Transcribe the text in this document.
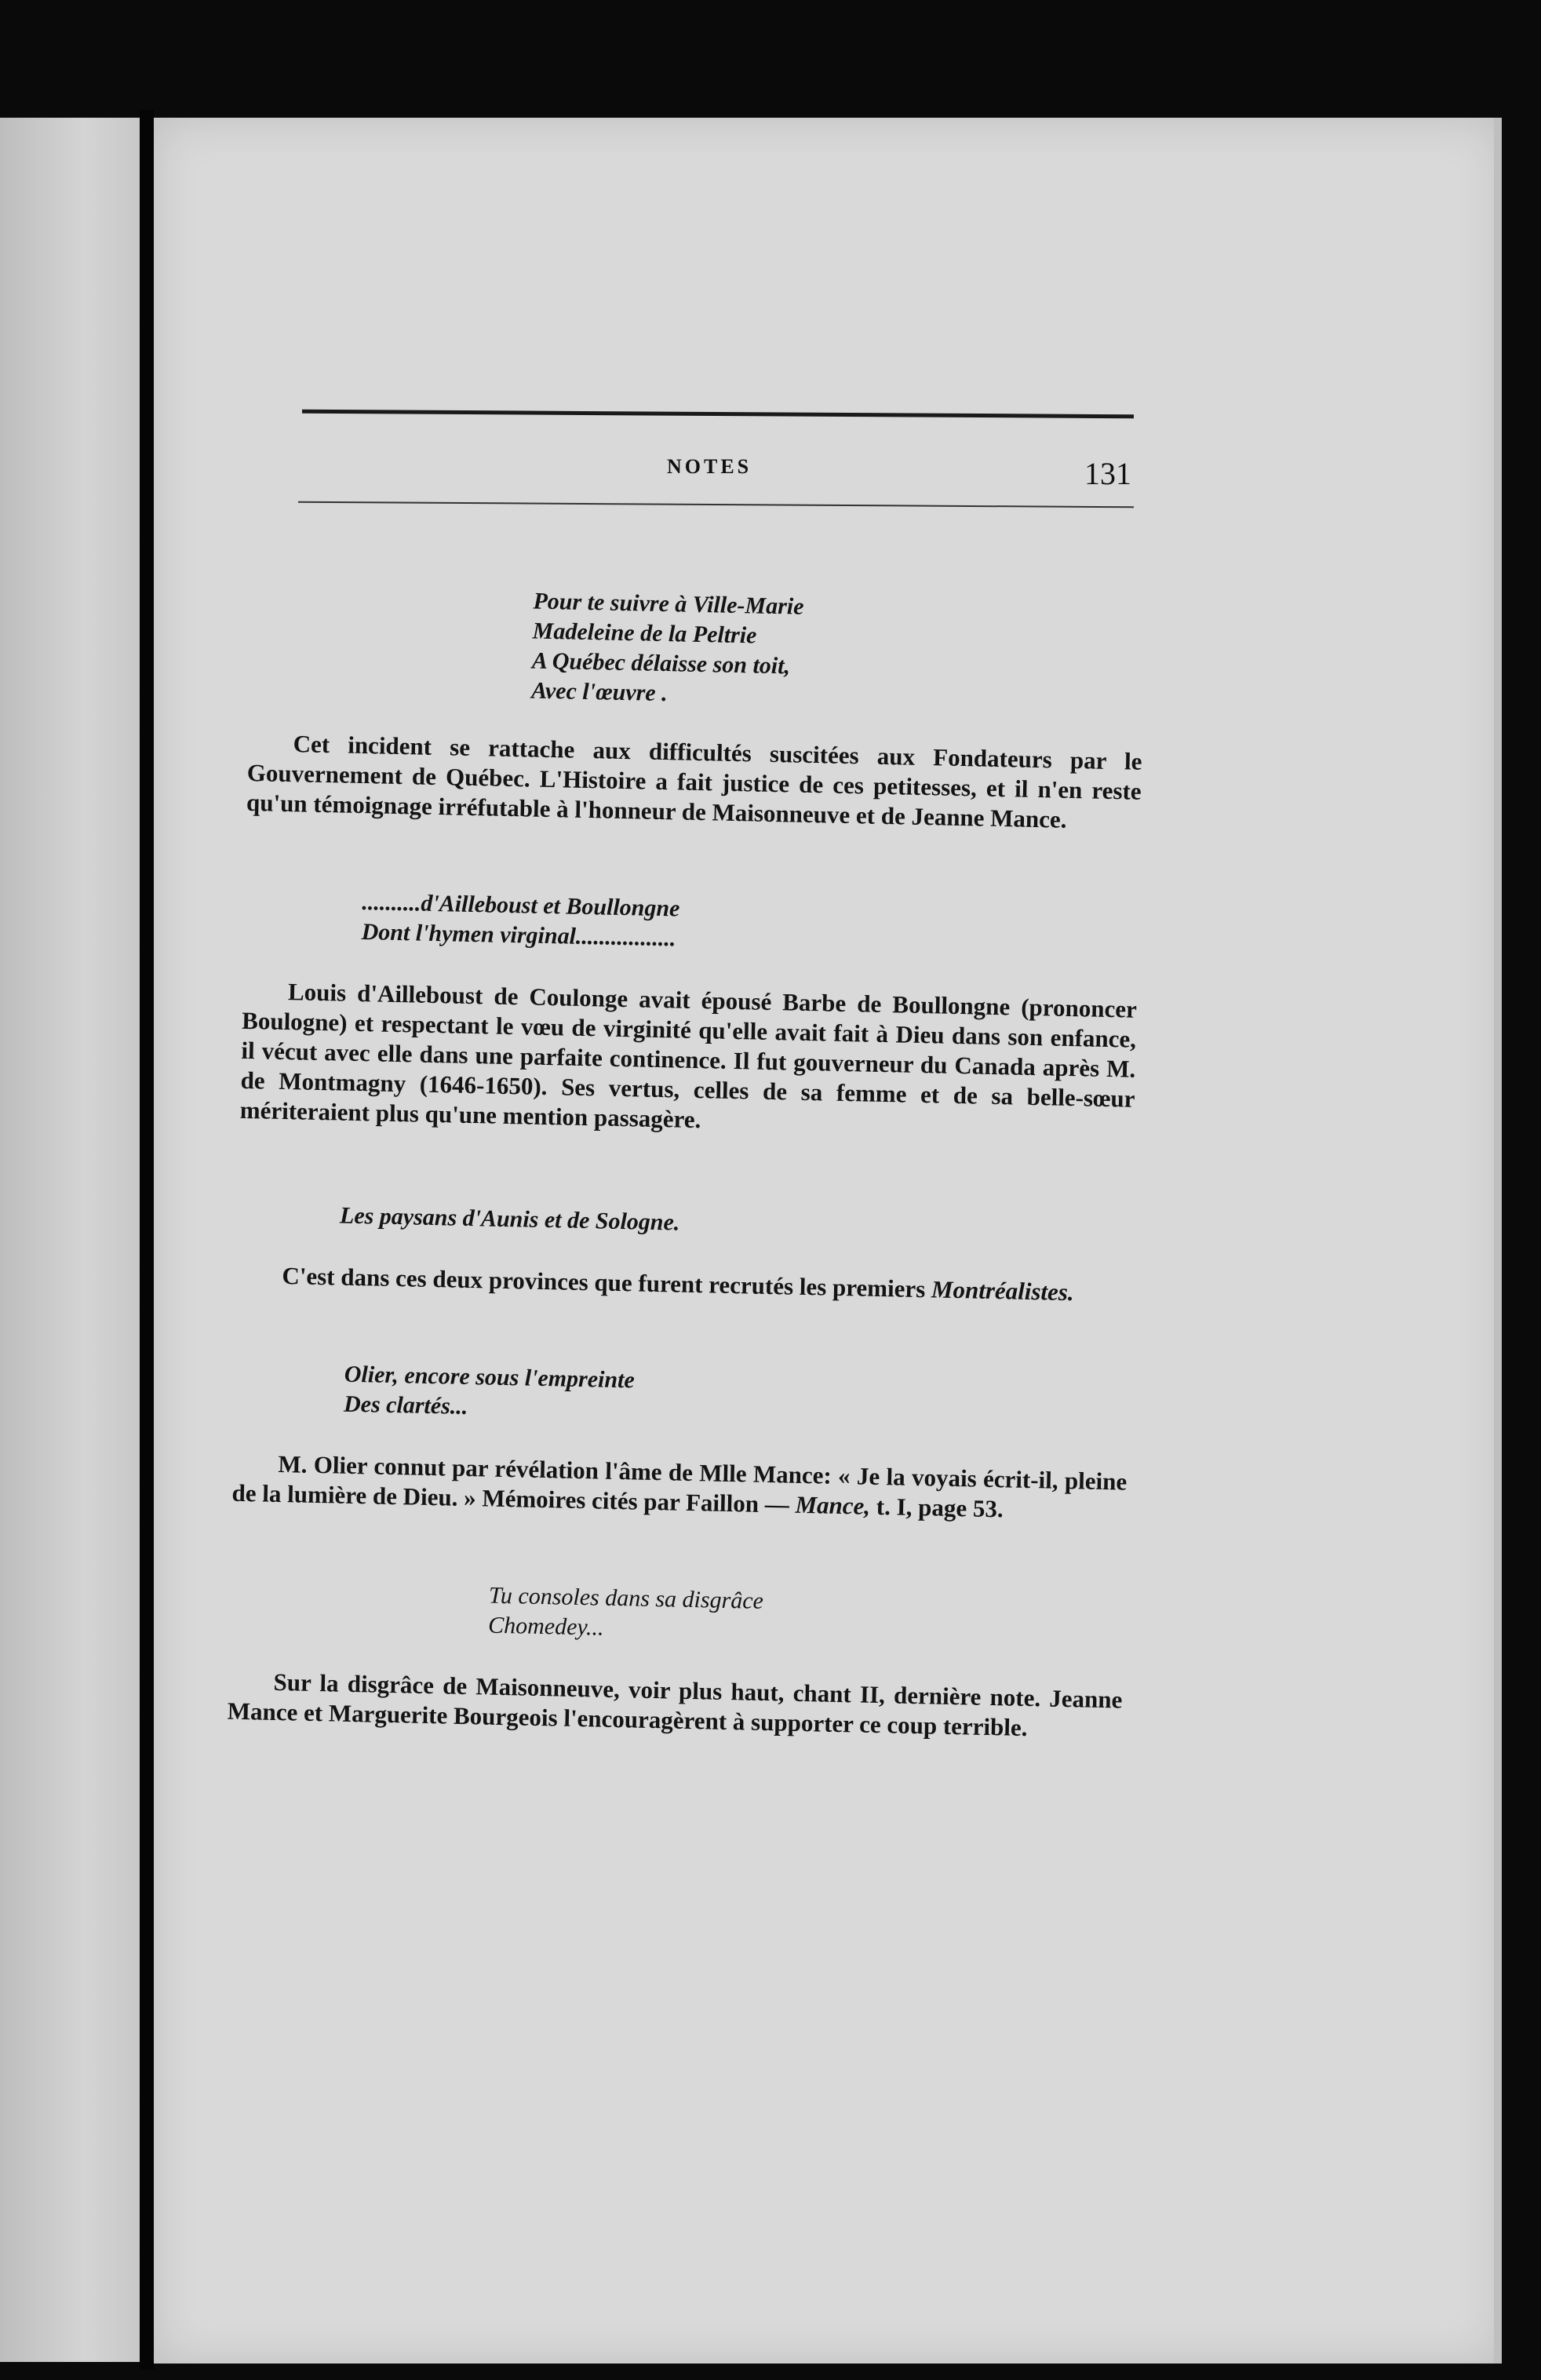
NOTES	131
Pour te suivre à Ville-Marie
Madeleine de la Peltrie
A Québec délaisse son toit,
Avec l'œuvre .

Cet incident se rattache aux difficultés suscitées aux Fondateurs par le Gouvernement de Québec. L'Histoire a fait justice de ces petitesses, et il n'en reste qu'un témoignage irréfutable à l'honneur de Maisonneuve et de Jeanne Mance.

..........d'Ailleboust et Boullongne
Dont l'hymen virginal.................

Louis d'Ailleboust de Coulonge avait épousé Barbe de Boullongne (prononcer Boulogne) et respectant le vœu de virginité qu'elle avait fait à Dieu dans son enfance, il vécut avec elle dans une parfaite continence. Il fut gouverneur du Canada après M. de Montmagny (1646-1650). Ses vertus, celles de sa femme et de sa belle-sœur mériteraient plus qu'une mention passagère.

Les paysans d'Aunis et de Sologne.

C'est dans ces deux provinces que furent recrutés les premiers Montréalistes.

Olier, encore sous l'empreinte
Des clartés...

M. Olier connut par révélation l'âme de Mlle Mance: « Je la voyais écrit-il, pleine de la lumière de Dieu. » Mémoires cités par Faillon — Mance, t. I, page 53.

Tu consoles dans sa disgrâce
Chomedey...

Sur la disgrâce de Maisonneuve, voir plus haut, chant II, dernière note. Jeanne Mance et Marguerite Bourgeois l'encouragèrent à supporter ce coup terrible.
